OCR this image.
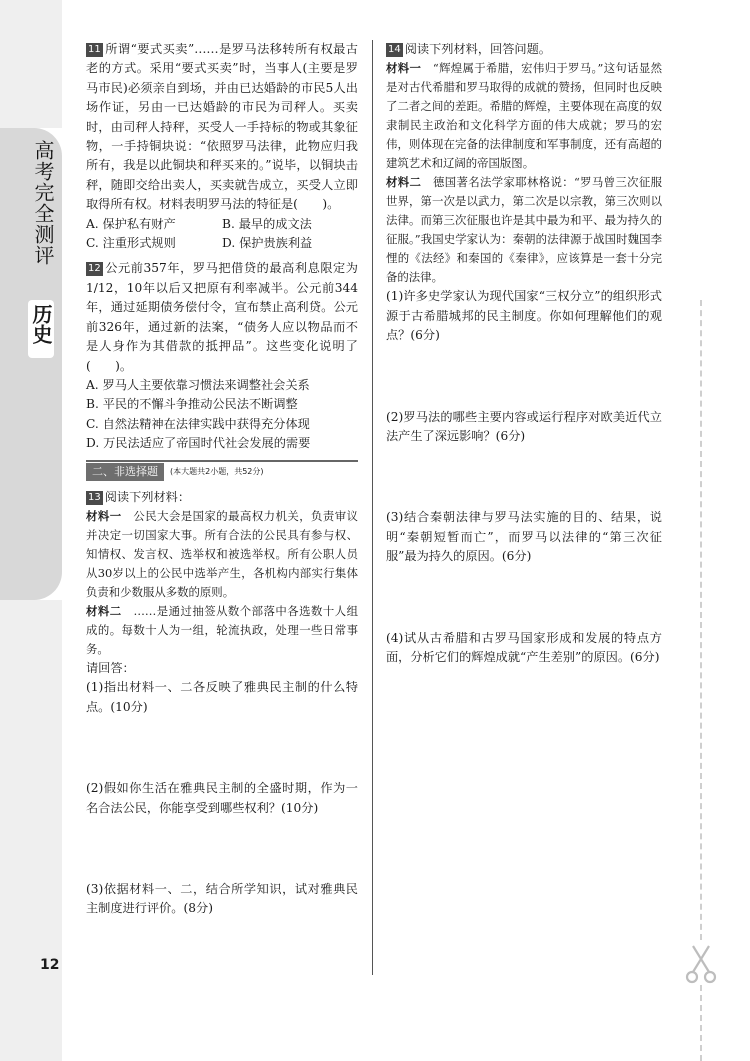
高考完全测评
历史
11 所谓“要式买卖”……是罗马法移转所有权最古老的方式。采用“要式买卖”时，当事人(主要是罗马市民)必须亲自到场，并由已达婚龄的市民5人出场作证，另由一已达婚龄的市民为司秤人。买卖时，由司秤人持秤，买受人一手持标的物或其象征物，一手持铜块说：“依照罗马法律，此物应归我所有，我是以此铜块和秤买来的。”说毕，以铜块击秤，随即交给出卖人，买卖就告成立，买受人立即取得所有权。材料表明罗马法的特征是(　　)。
A. 保护私有财产	B. 最早的成文法
C. 注重形式规则	D. 保护贵族利益
12 公元前357年，罗马把借贷的最高利息限定为1/12，10年以后又把原有利率减半。公元前344年，通过延期债务偿付令，宣布禁止高利贷。公元前326年，通过新的法案，“债务人应以物品而不是人身作为其借款的抵押品”。这些变化说明了(　　)。
A. 罗马人主要依靠习惯法来调整社会关系
B. 平民的不懈斗争推动公民法不断调整
C. 自然法精神在法律实践中获得充分体现
D. 万民法适应了帝国时代社会发展的需要
二、非选择题	(本大题共2小题，共52分)
13 阅读下列材料：

材料一　公民大会是国家的最高权力机关，负责审议并决定一切国家大事。所有合法的公民具有参与权、知情权、发言权、选举权和被选举权。所有公职人员从30岁以上的公民中选举产生，各机构内部实行集体负责和少数服从多数的原则。

材料二　……是通过抽签从数个部落中各选数十人组成的。每数十人为一组，轮流执政，处理一些日常事务。

请回答：

(1)指出材料一、二各反映了雅典民主制的什么特点。(10分)

(2)假如你生活在雅典民主制的全盛时期，作为一名合法公民，你能享受到哪些权利？(10分)

(3)依据材料一、二，结合所学知识，试对雅典民主制度进行评价。(8分)

14 阅读下列材料，回答问题。

材料一　“辉煌属于希腊，宏伟归于罗马。”这句话显然是对古代希腊和罗马取得的成就的赞扬，但同时也反映了二者之间的差距。希腊的辉煌，主要体现在高度的奴隶制民主政治和文化科学方面的伟大成就；罗马的宏伟，则体现在完备的法律制度和军事制度，还有高超的建筑艺术和辽阔的帝国版图。

材料二　德国著名法学家耶林格说：“罗马曾三次征服世界，第一次是以武力，第二次是以宗教，第三次则以法律。而第三次征服也许是其中最为和平、最为持久的征服。”我国史学家认为：秦朝的法律源于战国时魏国李悝的《法经》和秦国的《秦律》，应该算是一套十分完备的法律。

(1)许多史学家认为现代国家“三权分立”的组织形式源于古希腊城邦的民主制度。你如何理解他们的观点？(6分)

(2)罗马法的哪些主要内容或运行程序对欧美近代立法产生了深远影响？(6分)

(3)结合秦朝法律与罗马法实施的目的、结果，说明“秦朝短暂而亡”，而罗马以法律的“第三次征服”最为持久的原因。(6分)

(4)试从古希腊和古罗马国家形成和发展的特点方面，分析它们的辉煌成就“产生差别”的原因。(6分)

12
